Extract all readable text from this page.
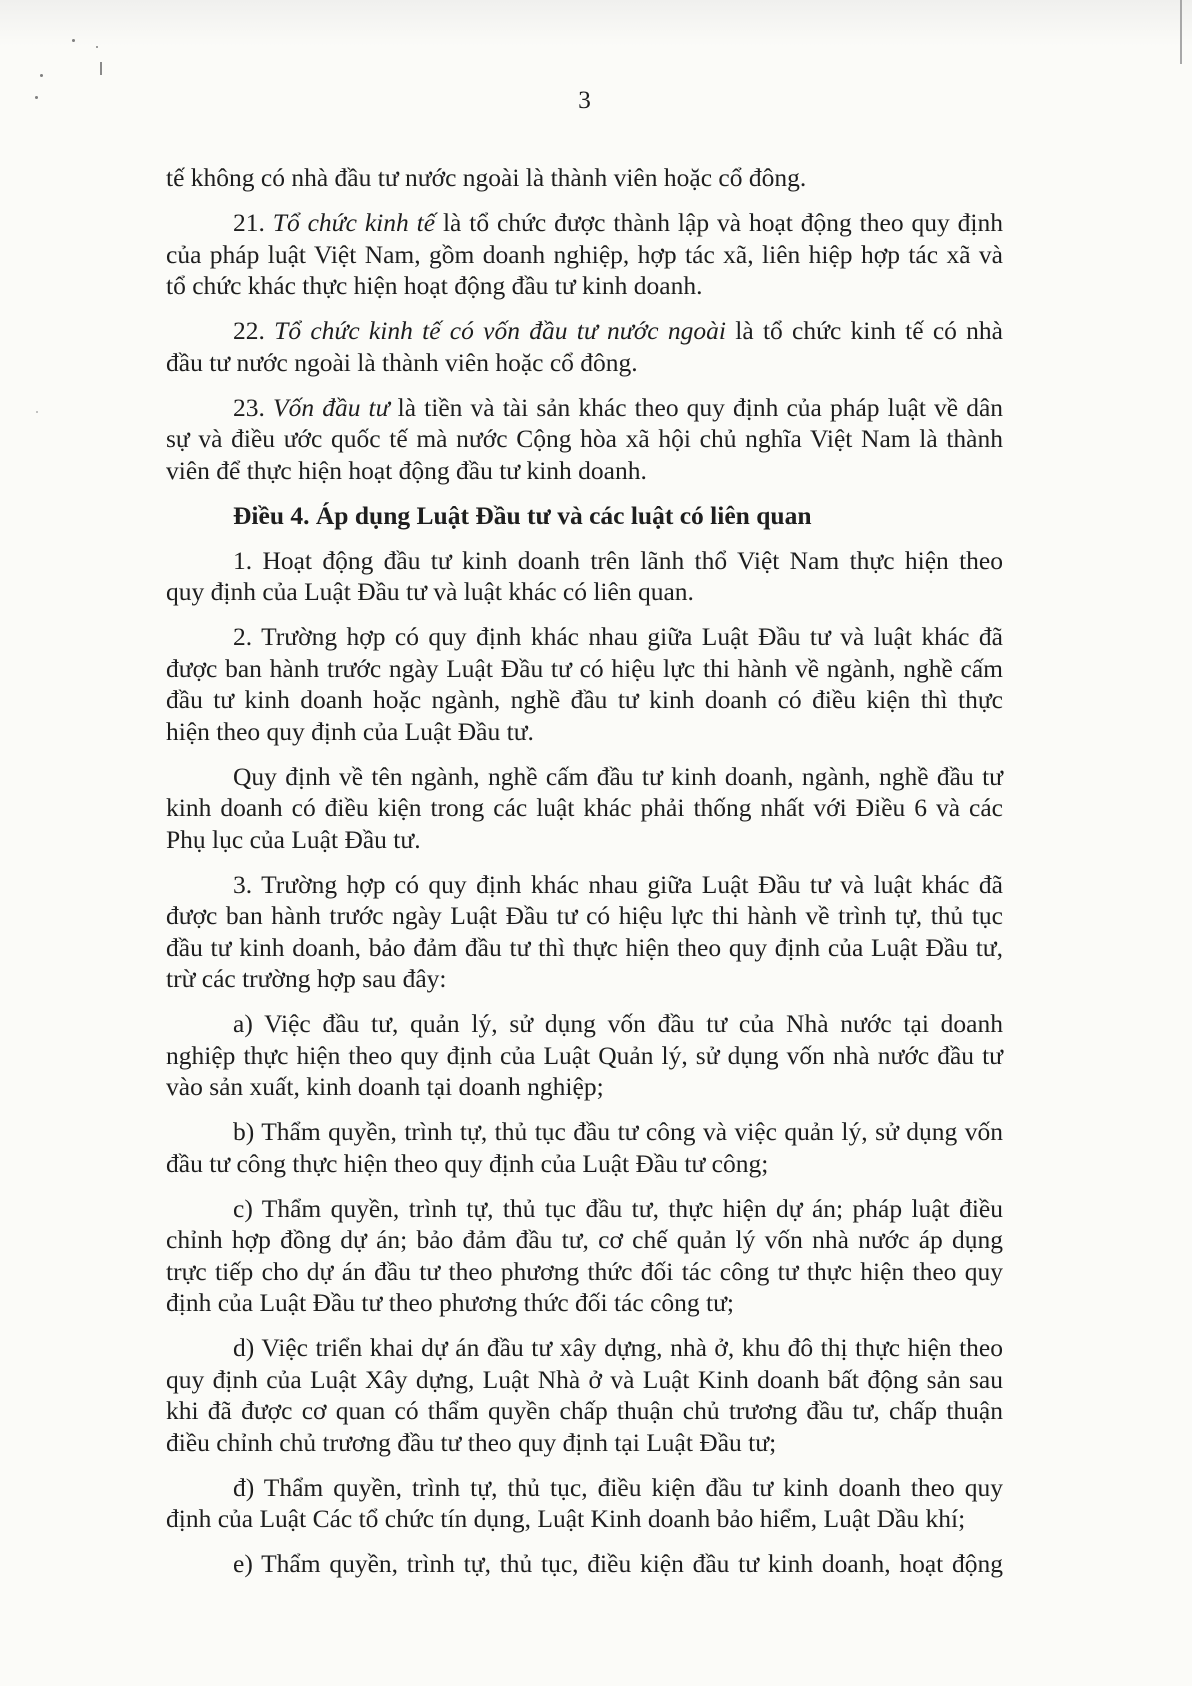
3
tế không có nhà đầu tư nước ngoài là thành viên hoặc cổ đông.
21. Tổ chức kinh tế là tổ chức được thành lập và hoạt động theo quy định
của pháp luật Việt Nam, gồm doanh nghiệp, hợp tác xã, liên hiệp hợp tác xã và
tổ chức khác thực hiện hoạt động đầu tư kinh doanh.
22. Tổ chức kinh tế có vốn đầu tư nước ngoài là tổ chức kinh tế có nhà
đầu tư nước ngoài là thành viên hoặc cổ đông.
23. Vốn đầu tư là tiền và tài sản khác theo quy định của pháp luật về dân
sự và điều ước quốc tế mà nước Cộng hòa xã hội chủ nghĩa Việt Nam là thành
viên để thực hiện hoạt động đầu tư kinh doanh.
Điều 4. Áp dụng Luật Đầu tư và các luật có liên quan
1. Hoạt động đầu tư kinh doanh trên lãnh thổ Việt Nam thực hiện theo
quy định của Luật Đầu tư và luật khác có liên quan.
2. Trường hợp có quy định khác nhau giữa Luật Đầu tư và luật khác đã
được ban hành trước ngày Luật Đầu tư có hiệu lực thi hành về ngành, nghề cấm
đầu tư kinh doanh hoặc ngành, nghề đầu tư kinh doanh có điều kiện thì thực
hiện theo quy định của Luật Đầu tư.
Quy định về tên ngành, nghề cấm đầu tư kinh doanh, ngành, nghề đầu tư
kinh doanh có điều kiện trong các luật khác phải thống nhất với Điều 6 và các
Phụ lục của Luật Đầu tư.
3. Trường hợp có quy định khác nhau giữa Luật Đầu tư và luật khác đã
được ban hành trước ngày Luật Đầu tư có hiệu lực thi hành về trình tự, thủ tục
đầu tư kinh doanh, bảo đảm đầu tư thì thực hiện theo quy định của Luật Đầu tư,
trừ các trường hợp sau đây:
a) Việc đầu tư, quản lý, sử dụng vốn đầu tư của Nhà nước tại doanh
nghiệp thực hiện theo quy định của Luật Quản lý, sử dụng vốn nhà nước đầu tư
vào sản xuất, kinh doanh tại doanh nghiệp;
b) Thẩm quyền, trình tự, thủ tục đầu tư công và việc quản lý, sử dụng vốn
đầu tư công thực hiện theo quy định của Luật Đầu tư công;
c) Thẩm quyền, trình tự, thủ tục đầu tư, thực hiện dự án; pháp luật điều
chỉnh hợp đồng dự án; bảo đảm đầu tư, cơ chế quản lý vốn nhà nước áp dụng
trực tiếp cho dự án đầu tư theo phương thức đối tác công tư thực hiện theo quy
định của Luật Đầu tư theo phương thức đối tác công tư;
d) Việc triển khai dự án đầu tư xây dựng, nhà ở, khu đô thị thực hiện theo
quy định của Luật Xây dựng, Luật Nhà ở và Luật Kinh doanh bất động sản sau
khi đã được cơ quan có thẩm quyền chấp thuận chủ trương đầu tư, chấp thuận
điều chỉnh chủ trương đầu tư theo quy định tại Luật Đầu tư;
đ) Thẩm quyền, trình tự, thủ tục, điều kiện đầu tư kinh doanh theo quy
định của Luật Các tổ chức tín dụng, Luật Kinh doanh bảo hiểm, Luật Dầu khí;
e) Thẩm quyền, trình tự, thủ tục, điều kiện đầu tư kinh doanh, hoạt động
